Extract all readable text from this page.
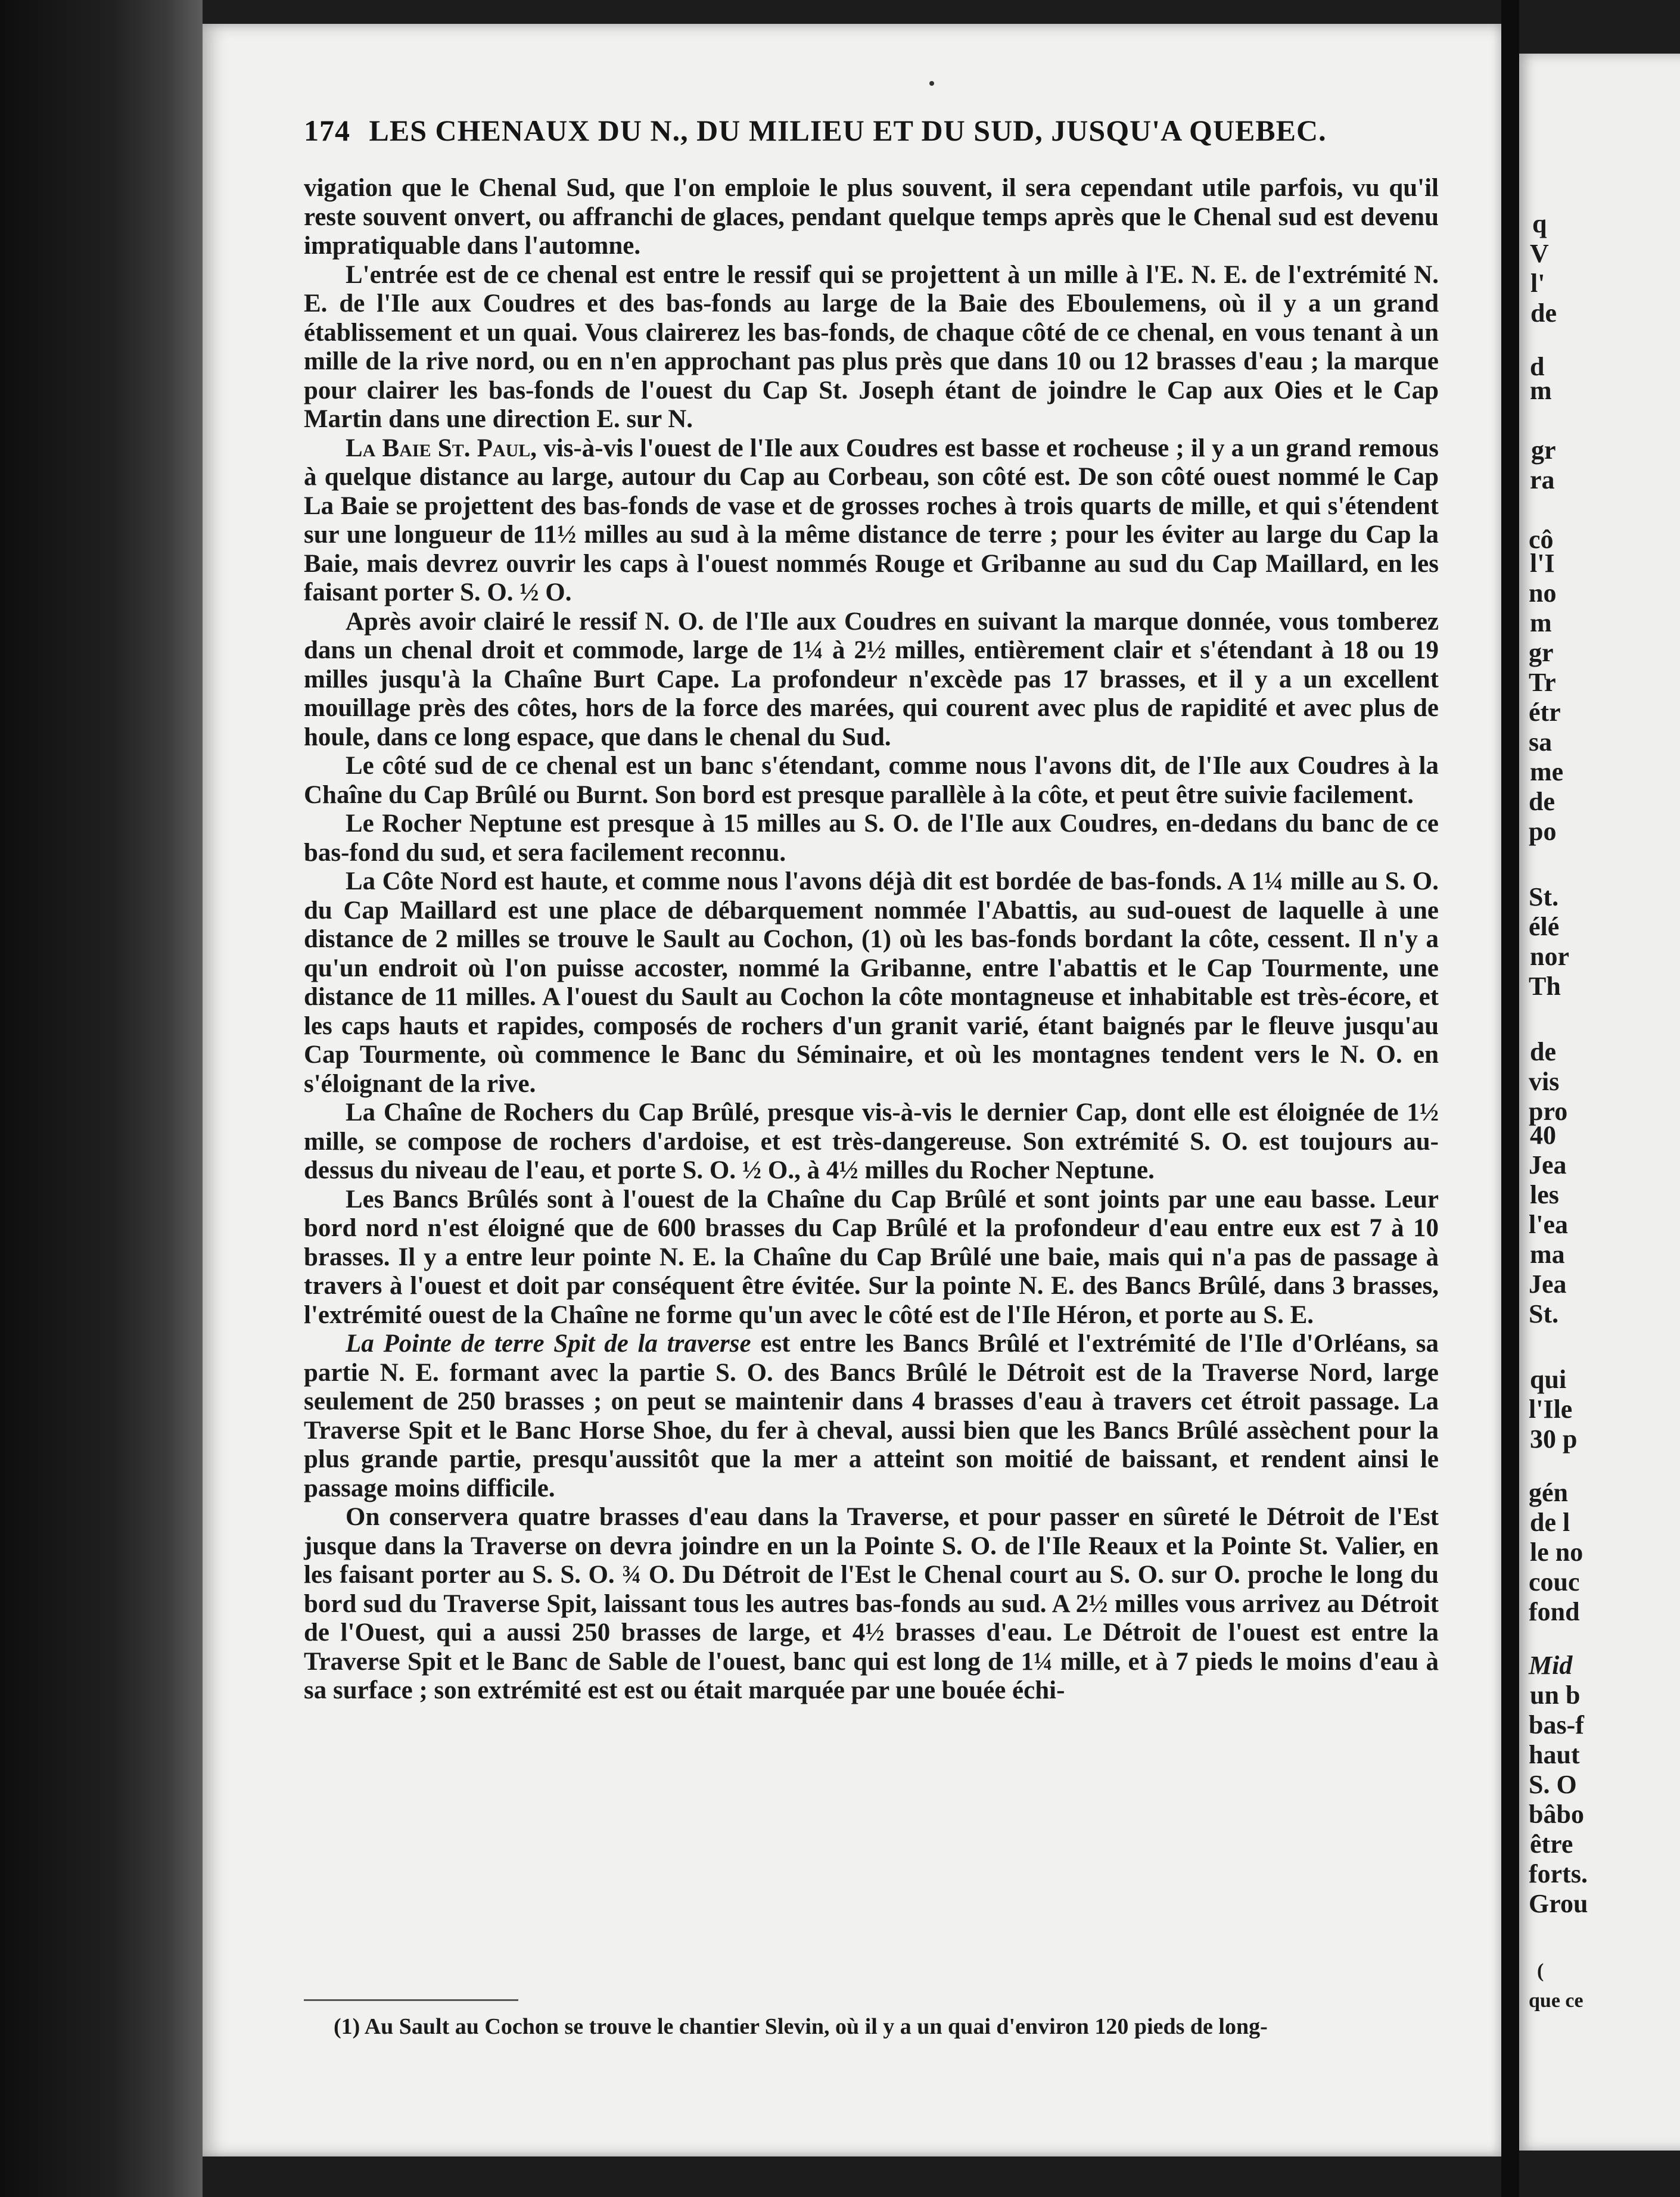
174 LES CHENAUX DU N., DU MILIEU ET DU SUD, JUSQU'A QUEBEC.

vigation que le Chenal Sud, que l'on emploie le plus souvent, il sera cependant utile parfois, vu qu'il reste souvent onvert, ou affranchi de glaces, pendant quelque temps après que le Chenal sud est devenu impratiquable dans l'automne.

L'entrée est de ce chenal est entre le ressif qui se projettent à un mille à l'E. N. E. de l'extrémité N. E. de l'Ile aux Coudres et des bas-fonds au large de la Baie des Eboulemens, où il y a un grand établissement et un quai. Vous clairerez les bas-fonds, de chaque côté de ce chenal, en vous tenant à un mille de la rive nord, ou en n'en approchant pas plus près que dans 10 ou 12 brasses d'eau ; la marque pour clairer les bas-fonds de l'ouest du Cap St. Joseph étant de joindre le Cap aux Oies et le Cap Martin dans une direction E. sur N.

La Baie St. Paul, vis-à-vis l'ouest de l'Ile aux Coudres est basse et rocheuse ; il y a un grand remous à quelque distance au large, autour du Cap au Corbeau, son côté est. De son côté ouest nommé le Cap La Baie se projettent des bas-fonds de vase et de grosses roches à trois quarts de mille, et qui s'étendent sur une longueur de 11½ milles au sud à la même distance de terre ; pour les éviter au large du Cap la Baie, mais devrez ouvrir les caps à l'ouest nommés Rouge et Gribanne au sud du Cap Maillard, en les faisant porter S. O. ½ O.

Après avoir clairé le ressif N. O. de l'Ile aux Coudres en suivant la marque donnée, vous tomberez dans un chenal droit et commode, large de 1¼ à 2½ milles, entièrement clair et s'étendant à 18 ou 19 milles jusqu'à la Chaîne Burt Cape. La profondeur n'excède pas 17 brasses, et il y a un excellent mouillage près des côtes, hors de la force des marées, qui courent avec plus de rapidité et avec plus de houle, dans ce long espace, que dans le chenal du Sud.

Le côté sud de ce chenal est un banc s'étendant, comme nous l'avons dit, de l'Ile aux Coudres à la Chaîne du Cap Brûlé ou Burnt. Son bord est presque parallèle à la côte, et peut être suivie facilement.

Le Rocher Neptune est presque à 15 milles au S. O. de l'Ile aux Coudres, en-dedans du banc de ce bas-fond du sud, et sera facilement reconnu.

La Côte Nord est haute, et comme nous l'avons déjà dit est bordée de bas-fonds. A 1¼ mille au S. O. du Cap Maillard est une place de débarquement nommée l'Abattis, au sud-ouest de laquelle à une distance de 2 milles se trouve le Sault au Cochon, (1) où les bas-fonds bordant la côte, cessent. Il n'y a qu'un endroit où l'on puisse accoster, nommé la Gribanne, entre l'abattis et le Cap Tourmente, une distance de 11 milles. A l'ouest du Sault au Cochon la côte montagneuse et inhabitable est très-écore, et les caps hauts et rapides, composés de rochers d'un granit varié, étant baignés par le fleuve jusqu'au Cap Tourmente, où commence le Banc du Séminaire, et où les montagnes tendent vers le N. O. en s'éloignant de la rive.

La Chaîne de Rochers du Cap Brûlé, presque vis-à-vis le dernier Cap, dont elle est éloignée de 1½ mille, se compose de rochers d'ardoise, et est très-dangereuse. Son extrémité S. O. est toujours au-dessus du niveau de l'eau, et porte S. O. ½ O., à 4½ milles du Rocher Neptune.

Les Bancs Brûlés sont à l'ouest de la Chaîne du Cap Brûlé et sont joints par une eau basse. Leur bord nord n'est éloigné que de 600 brasses du Cap Brûlé et la profondeur d'eau entre eux est 7 à 10 brasses. Il y a entre leur pointe N. E. la Chaîne du Cap Brûlé une baie, mais qui n'a pas de passage à travers à l'ouest et doit par conséquent être évitée. Sur la pointe N. E. des Bancs Brûlé, dans 3 brasses, l'extrémité ouest de la Chaîne ne forme qu'un avec le côté est de l'Ile Héron, et porte au S. E.

La Pointe de terre Spit de la traverse est entre les Bancs Brûlé et l'extrémité de l'Ile d'Orléans, sa partie N. E. formant avec la partie S. O. des Bancs Brûlé le Détroit est de la Traverse Nord, large seulement de 250 brasses ; on peut se maintenir dans 4 brasses d'eau à travers cet étroit passage. La Traverse Spit et le Banc Horse Shoe, du fer à cheval, aussi bien que les Bancs Brûlé assèchent pour la plus grande partie, presqu'aussitôt que la mer a atteint son moitié de baissant, et rendent ainsi le passage moins difficile.

On conservera quatre brasses d'eau dans la Traverse, et pour passer en sûreté le Détroit de l'Est jusque dans la Traverse on devra joindre en un la Pointe S. O. de l'Ile Reaux et la Pointe St. Valier, en les faisant porter au S. S. O. ¾ O. Du Détroit de l'Est le Chenal court au S. O. sur O. proche le long du bord sud du Traverse Spit, laissant tous les autres bas-fonds au sud. A 2½ milles vous arrivez au Détroit de l'Ouest, qui a aussi 250 brasses de large, et 4½ brasses d'eau. Le Détroit de l'ouest est entre la Traverse Spit et le Banc de Sable de l'ouest, banc qui est long de 1¼ mille, et à 7 pieds le moins d'eau à sa surface ; son extrémité est est ou était marquée par une bouée échi-

(1) Au Sault au Cochon se trouve le chantier Slevin, où il y a un quai d'environ 120 pieds de long-
q
V
l'
de
d
m
gr
ra
cô
l'I
no
m
gr
Tr
étr
sa
me
de
po
St.
élé
nor
Th
de
vis
pro
40
Jea
les
l'ea
ma
Jea
St.
qui
l'Ile
30 p
gén
de l
le no
couc
fond
Mid
un b
bas-f
haut
S. O
bâbo
être
forts.
Grou
(
que ce
